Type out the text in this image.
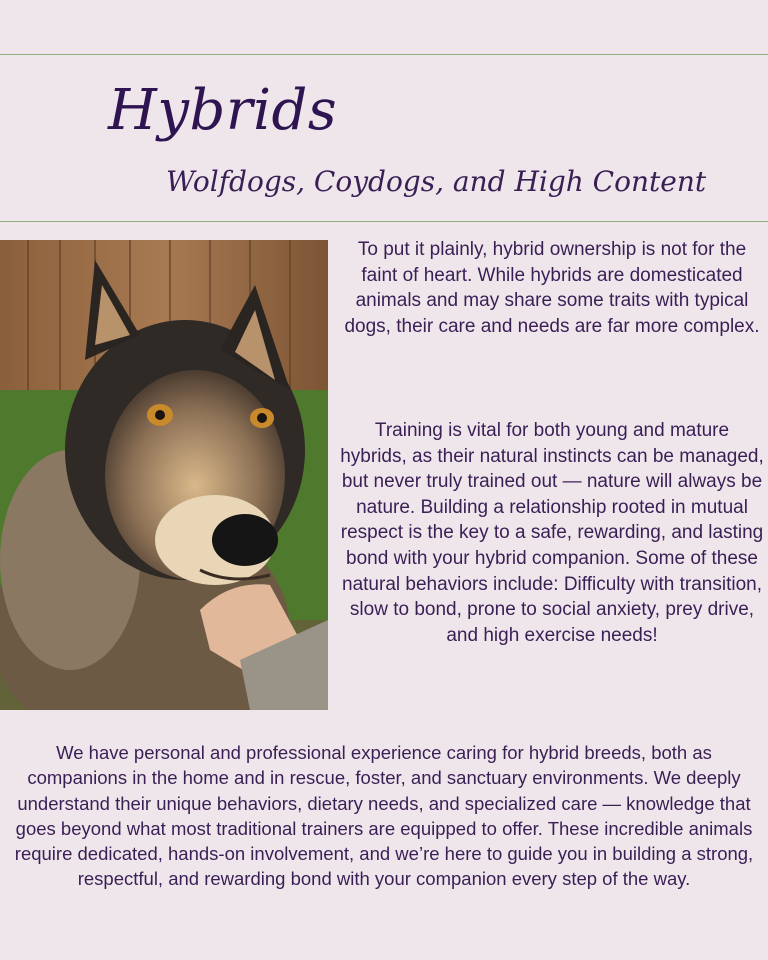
Hybrids
Wolfdogs, Coydogs, and High Content

To put it plainly, hybrid ownership is not for the faint of heart. While hybrids are domesticated animals and may share some traits with typical dogs, their care and needs are far more complex.

Training is vital for both young and mature hybrids, as their natural instincts can be managed, but never truly trained out — nature will always be nature. Building a relationship rooted in mutual respect is the key to a safe, rewarding, and lasting bond with your hybrid companion. Some of these natural behaviors include: Difficulty with transition, slow to bond, prone to social anxiety, prey drive, and high exercise needs!

We have personal and professional experience caring for hybrid breeds, both as companions in the home and in rescue, foster, and sanctuary environments. We deeply understand their unique behaviors, dietary needs, and specialized care — knowledge that goes beyond what most traditional trainers are equipped to offer. These incredible animals require dedicated, hands-on involvement, and we’re here to guide you in building a strong, respectful, and rewarding bond with your companion every step of the way.
